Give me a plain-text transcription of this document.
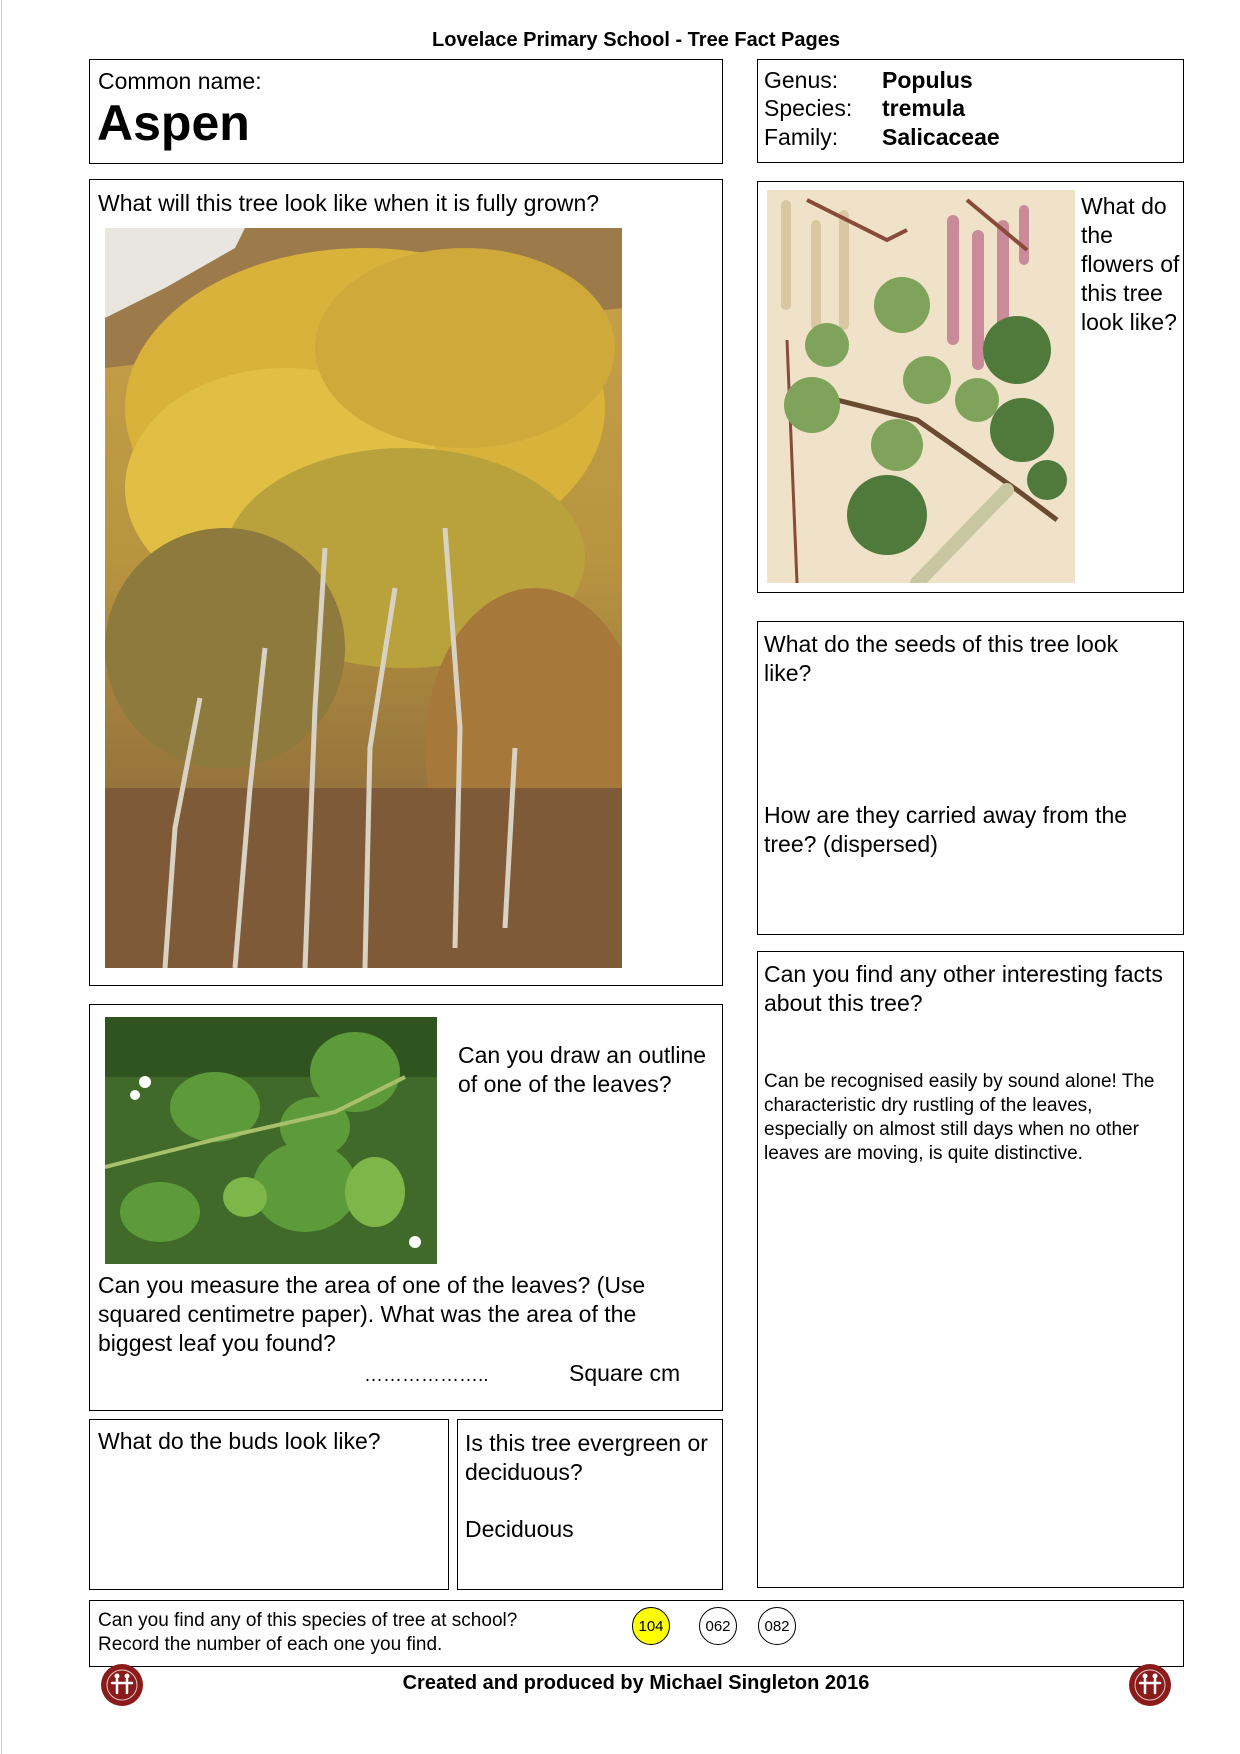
Lovelace Primary School - Tree Fact Pages
Common name:
Aspen
Genus: Populus
Species: tremula
Family: Salicaceae
What will this tree look like when it is fully grown?	What do the flowers of this tree look like?
What do the seeds of this tree look like?
How are they carried away from the tree? (dispersed)
Can you find any other interesting facts about this tree?
Can be recognised easily by sound alone! The characteristic dry rustling of the leaves, especially on almost still days when no other leaves are moving, is quite distinctive.
Can you draw an outline of one of the leaves?
Can you measure the area of one of the leaves? (Use squared centimetre paper). What was the area of the biggest leaf you found?
………………..	Square cm
What do the buds look like?	Is this tree evergreen or deciduous?
Deciduous
Can you find any of this species of tree at school?
Record the number of each one you find.
104	062	082
Created and produced by Michael Singleton 2016
